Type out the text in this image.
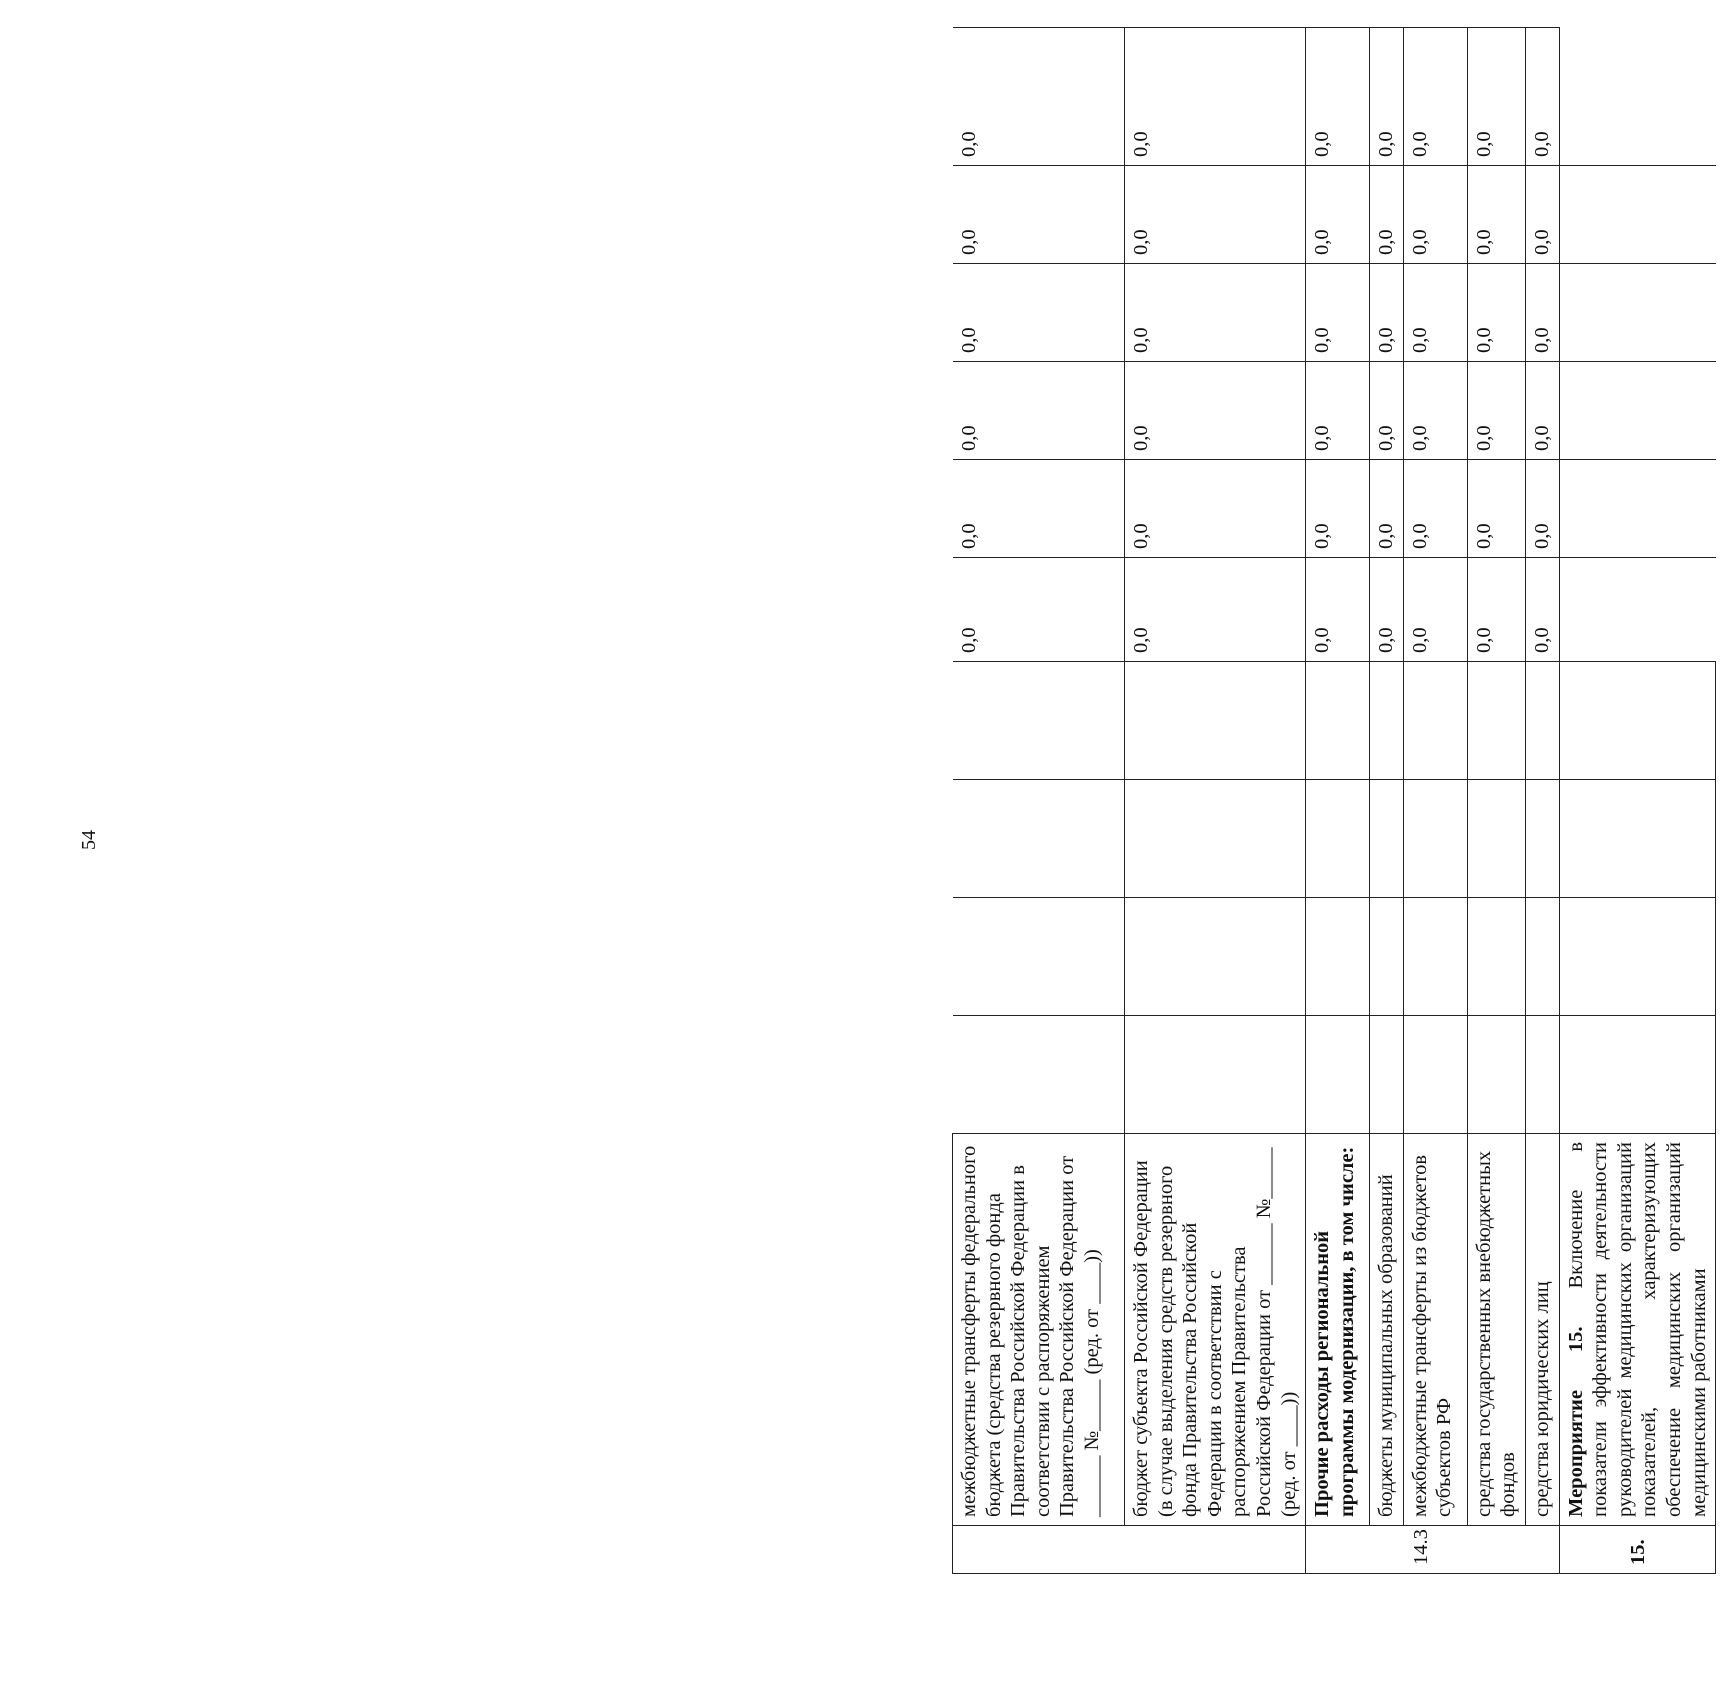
54
	межбюджетные трансферты федерального бюджета (средства резервного фонда Правительства Российской Федерации в соответствии с распоряжением Правительства Российской Федерации от ______ №_____ (ред. от ____))					0,0	0,0	0,0	0,0	0,0	0,0
	бюджет субъекта Российской Федерации (в случае выделения средств резервного фонда Правительства Российской Федерации в соответствии с распоряжением Правительства Российской Федерации от ______ №_____ (ред. от ____))					0,0	0,0	0,0	0,0	0,0	0,0
	Прочие расходы региональной программы модернизации, в том числе:					0,0	0,0	0,0	0,0	0,0	0,0
	бюджеты муниципальных образований					0,0	0,0	0,0	0,0	0,0	0,0
14.3	межбюджетные трансферты из бюджетов субъектов РФ					0,0	0,0	0,0	0,0	0,0	0,0
	средства государственных внебюджетных фондов					0,0	0,0	0,0	0,0	0,0	0,0
	средства юридических лиц					0,0	0,0	0,0	0,0	0,0	0,0
15.	Мероприятие 15. Включение в показатели эффективности деятельности руководителей медицинских организаций показателей, характеризующих обеспечение медицинских организаций медицинскими работниками										
